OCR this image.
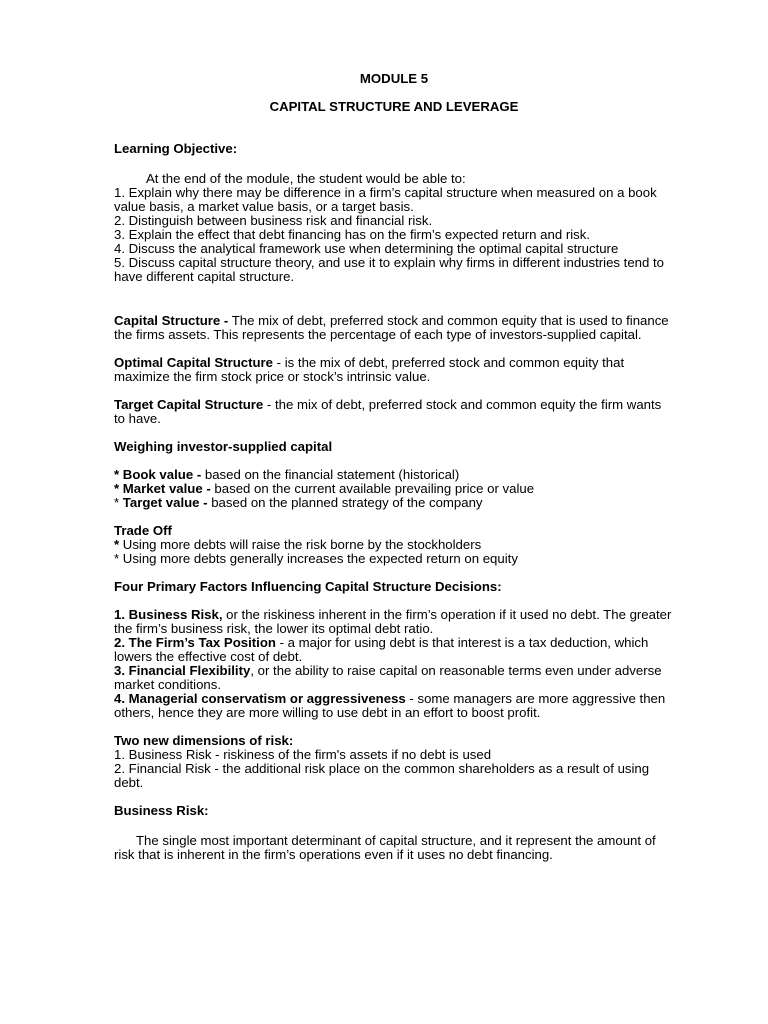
MODULE 5

CAPITAL STRUCTURE AND LEVERAGE

Learning Objective:

At the end of the module, the student would be able to:

1. Explain why there may be difference in a firm’s capital structure when measured on a book value basis, a market value basis, or a target basis.

2. Distinguish between business risk and financial risk.

3. Explain the effect that debt financing has on the firm’s expected return and risk.

4. Discuss the analytical framework use when determining the optimal capital structure

5. Discuss capital structure theory, and use it to explain why firms in different industries tend to have different capital structure.

Capital Structure - The mix of debt, preferred stock and common equity that is used to finance the firms assets. This represents the percentage of each type of investors-supplied capital.

Optimal Capital Structure - is the mix of debt, preferred stock and common equity that maximize the firm stock price or stock’s intrinsic value.

Target Capital Structure - the mix of debt, preferred stock and common equity the firm wants to have.

Weighing investor-supplied capital

* Book value - based on the financial statement (historical)

* Market value - based on the current available prevailing price or value

* Target value - based on the planned strategy of the company

Trade Off

* Using more debts will raise the risk borne by the stockholders

* Using more debts generally increases the expected return on equity

Four Primary Factors Influencing Capital Structure Decisions:

1. Business Risk, or the riskiness inherent in the firm’s operation if it used no debt. The greater the firm’s business risk, the lower its optimal debt ratio.

2. The Firm’s Tax Position - a major for using debt is that interest is a tax deduction, which lowers the effective cost of debt.

3. Financial Flexibility, or the ability to raise capital on reasonable terms even under adverse market conditions.

4. Managerial conservatism or aggressiveness - some managers are more aggressive then others, hence they are more willing to use debt in an effort to boost profit.

Two new dimensions of risk:

1. Business Risk - riskiness of the firm's assets if no debt is used

2. Financial Risk - the additional risk place on the common shareholders as a result of using debt.

Business Risk:

The single most important determinant of capital structure, and it represent the amount of risk that is inherent in the firm’s operations even if it uses no debt financing.
